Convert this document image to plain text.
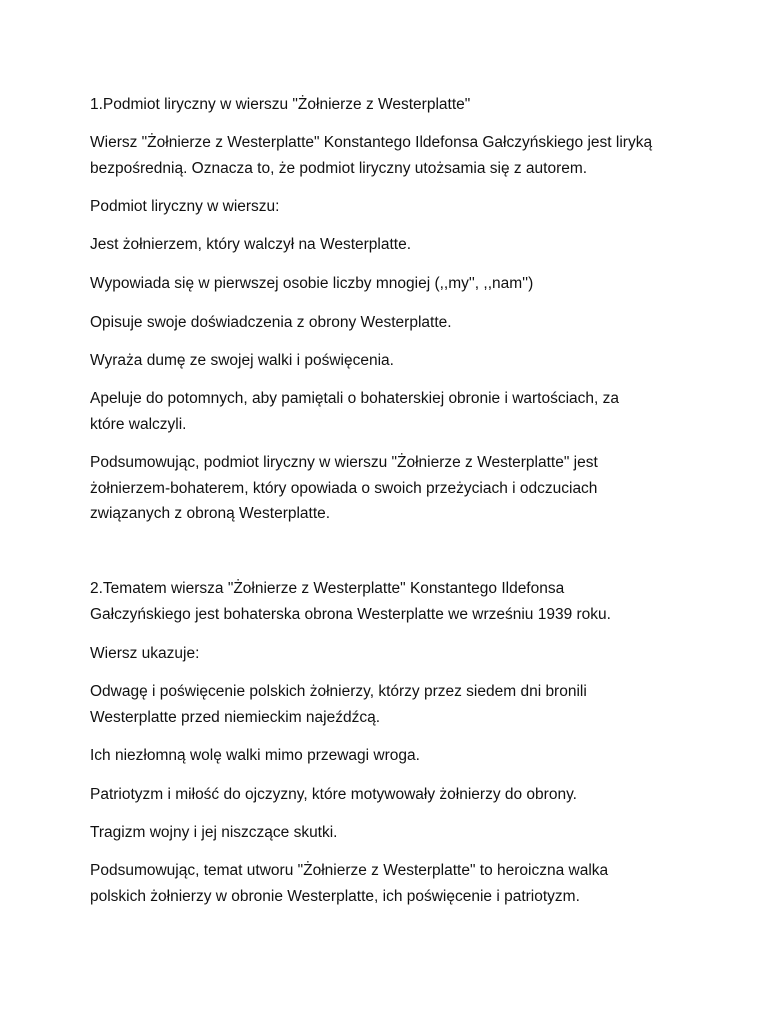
1.Podmiot liryczny w wierszu "Żołnierze z Westerplatte"

Wiersz "Żołnierze z Westerplatte" Konstantego Ildefonsa Gałczyńskiego jest liryką
bezpośrednią. Oznacza to, że podmiot liryczny utożsamia się z autorem.

Podmiot liryczny w wierszu:

Jest żołnierzem, który walczył na Westerplatte.

Wypowiada się w pierwszej osobie liczby mnogiej (,,my'', ,,nam'')

Opisuje swoje doświadczenia z obrony Westerplatte.

Wyraża dumę ze swojej walki i poświęcenia.

Apeluje do potomnych, aby pamiętali o bohaterskiej obronie i wartościach, za
które walczyli.

Podsumowując, podmiot liryczny w wierszu "Żołnierze z Westerplatte" jest
żołnierzem-bohaterem, który opowiada o swoich przeżyciach i odczuciach
związanych z obroną Westerplatte.

2.Tematem wiersza "Żołnierze z Westerplatte" Konstantego Ildefonsa
Gałczyńskiego jest bohaterska obrona Westerplatte we wrześniu 1939 roku.

Wiersz ukazuje:

Odwagę i poświęcenie polskich żołnierzy, którzy przez siedem dni bronili
Westerplatte przed niemieckim najeźdźcą.

Ich niezłomną wolę walki mimo przewagi wroga.

Patriotyzm i miłość do ojczyzny, które motywowały żołnierzy do obrony.

Tragizm wojny i jej niszczące skutki.

Podsumowując, temat utworu "Żołnierze z Westerplatte" to heroiczna walka
polskich żołnierzy w obronie Westerplatte, ich poświęcenie i patriotyzm.
